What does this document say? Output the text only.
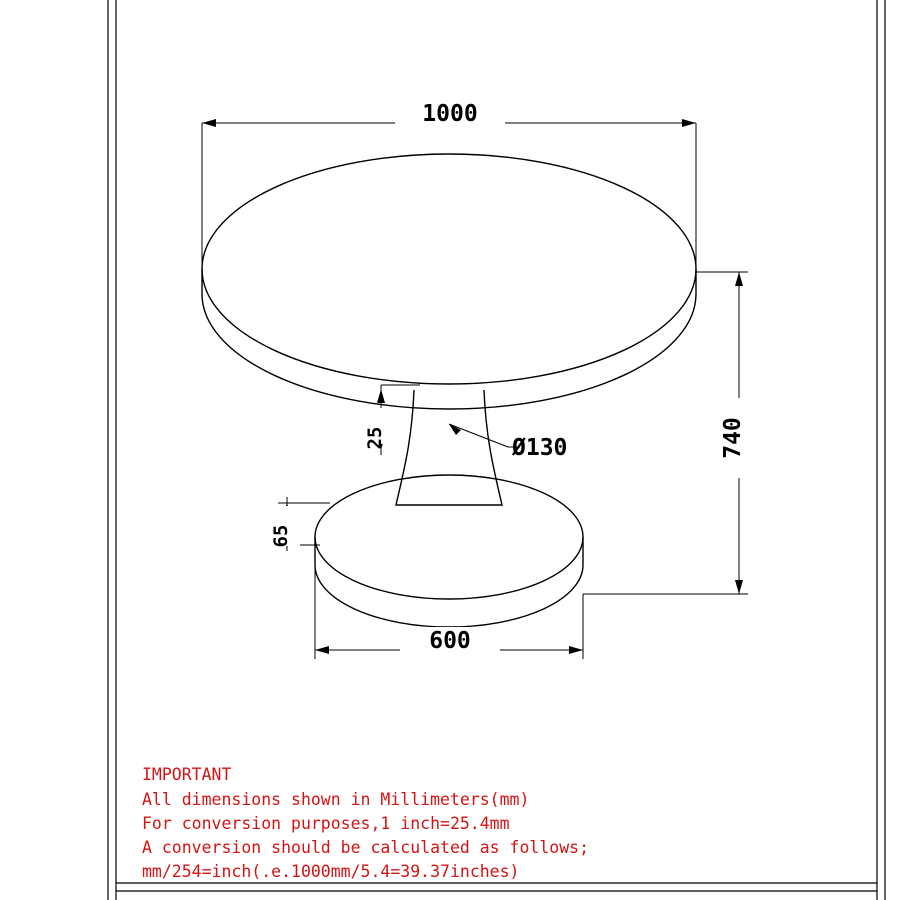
1000
740
25	Ø130
65
600
IMPORTANT
All dimensions shown in Millimeters(mm)
For conversion purposes,1 inch=25.4mm
A conversion should be calculated as follows;
mm/254=inch(.e.1000mm/5.4=39.37inches)
